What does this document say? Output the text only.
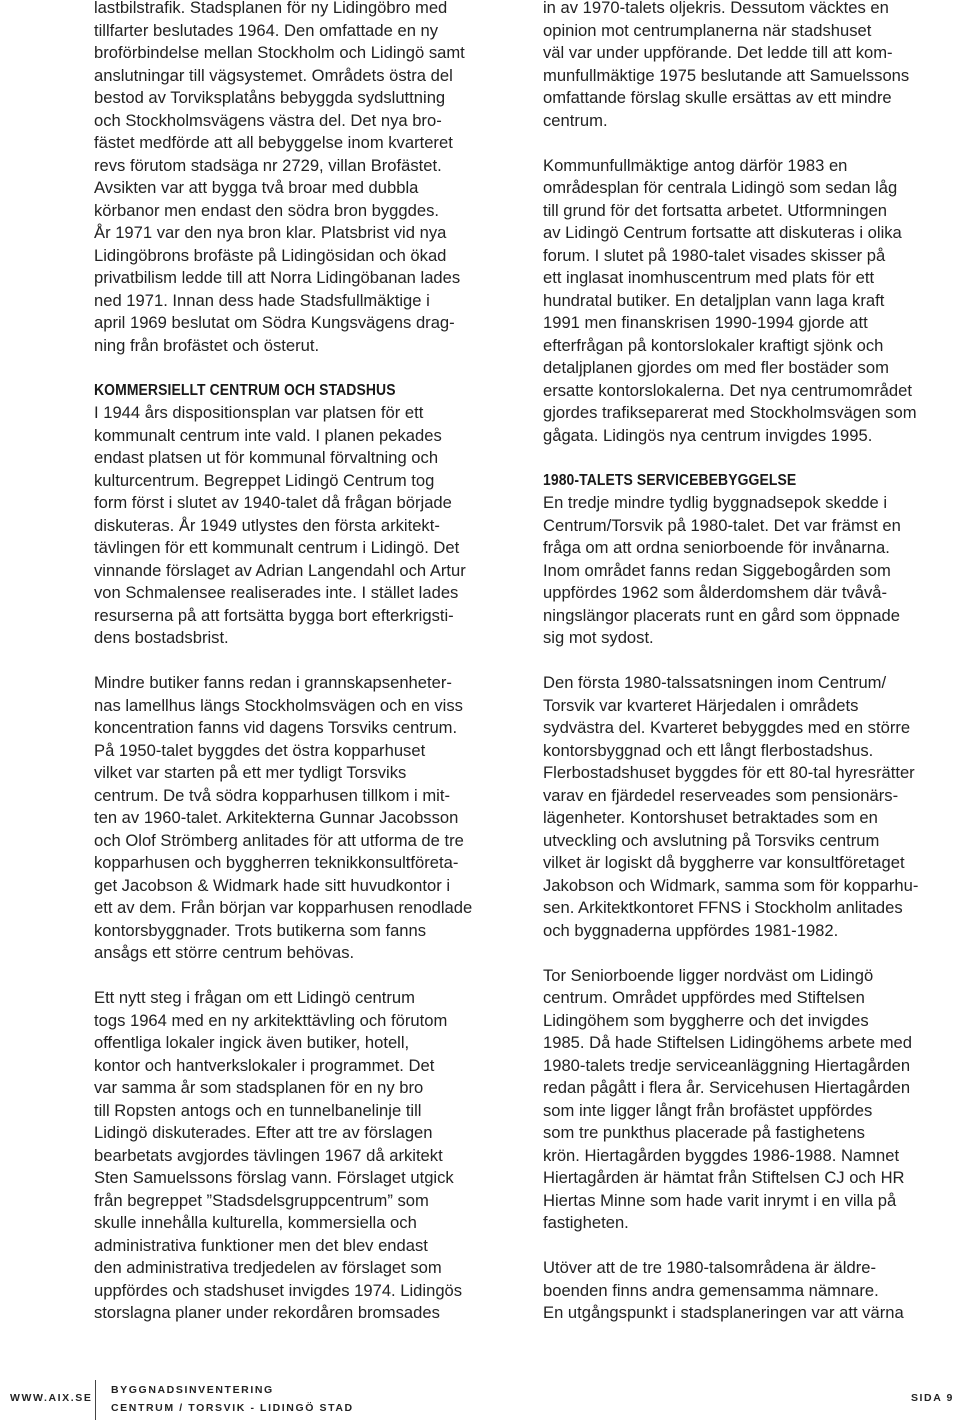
lastbilstrafik. Stadsplanen för ny Lidingöbro med
tillfarter beslutades 1964. Den omfattade en ny
broförbindelse mellan Stockholm och Lidingö samt
anslutningar till vägsystemet. Områdets östra del
bestod av Torviksplatåns bebyggda sydsluttning
och Stockholmsvägens västra del. Det nya bro-
fästet medförde att all bebyggelse inom kvarteret
revs förutom stadsäga nr 2729, villan Brofästet.
Avsikten var att bygga två broar med dubbla
körbanor men endast den södra bron byggdes.
År 1971 var den nya bron klar. Platsbrist vid nya
Lidingöbrons brofäste på Lidingösidan och ökad
privatbilism ledde till att Norra Lidingöbanan lades
ned 1971. Innan dess hade Stadsfullmäktige i
april 1969 beslutat om Södra Kungsvägens drag-
ning från brofästet och österut.
KOMMERSIELLT CENTRUM OCH STADSHUS
I 1944 års dispositionsplan var platsen för ett
kommunalt centrum inte vald. I planen pekades
endast platsen ut för kommunal förvaltning och
kulturcentrum. Begreppet Lidingö Centrum tog
form först i slutet av 1940-talet då frågan började
diskuteras. År 1949 utlystes den första arkitekt-
tävlingen för ett kommunalt centrum i Lidingö. Det
vinnande förslaget av Adrian Langendahl och Artur
von Schmalensee realiserades inte. I stället lades
resurserna på att fortsätta bygga bort efterkrigsti-
dens bostadsbrist.
Mindre butiker fanns redan i grannskapsenheter-
nas lamellhus längs Stockholmsvägen och en viss
koncentration fanns vid dagens Torsviks centrum.
På 1950-talet byggdes det östra kopparhuset
vilket var starten på ett mer tydligt Torsviks
centrum. De två södra kopparhusen tillkom i mit-
ten av 1960-talet. Arkitekterna Gunnar Jacobsson
och Olof Strömberg anlitades för att utforma de tre
kopparhusen och byggherren teknikkonsultföreta-
get Jacobson & Widmark hade sitt huvudkontor i
ett av dem. Från början var kopparhusen renodlade
kontorsbyggnader. Trots butikerna som fanns
ansågs ett större centrum behövas.
Ett nytt steg i frågan om ett Lidingö centrum
togs 1964 med en ny arkitekttävling och förutom
offentliga lokaler ingick även butiker, hotell,
kontor och hantverkslokaler i programmet. Det
var samma år som stadsplanen för en ny bro
till Ropsten antogs och en tunnelbanelinje till
Lidingö diskuterades. Efter att tre av förslagen
bearbetats avgjordes tävlingen 1967 då arkitekt
Sten Samuelssons förslag vann. Förslaget utgick
från begreppet ”Stadsdelsgruppcentrum” som
skulle innehålla kulturella, kommersiella och
administrativa funktioner men det blev endast
den administrativa tredjedelen av förslaget som
uppfördes och stadshuset invigdes 1974. Lidingös
storslagna planer under rekordåren bromsades
in av 1970-talets oljekris. Dessutom väcktes en
opinion mot centrumplanerna när stadshuset
väl var under uppförande. Det ledde till att kom-
munfullmäktige 1975 beslutande att Samuelssons
omfattande förslag skulle ersättas av ett mindre
centrum.
Kommunfullmäktige antog därför 1983 en
områdesplan för centrala Lidingö som sedan låg
till grund för det fortsatta arbetet. Utformningen
av Lidingö Centrum fortsatte att diskuteras i olika
forum. I slutet på 1980-talet visades skisser på
ett inglasat inomhuscentrum med plats för ett
hundratal butiker. En detaljplan vann laga kraft
1991 men finanskrisen 1990-1994 gjorde att
efterfrågan på kontorslokaler kraftigt sjönk och
detaljplanen gjordes om med fler bostäder som
ersatte kontorslokalerna. Det nya centrumområdet
gjordes trafikseparerat med Stockholmsvägen som
gågata. Lidingös nya centrum invigdes 1995.
1980-TALETS SERVICEBEBYGGELSE
En tredje mindre tydlig byggnadsepok skedde i
Centrum/Torsvik på 1980-talet. Det var främst en
fråga om att ordna seniorboende för invånarna.
Inom området fanns redan Siggebogården som
uppfördes 1962 som ålderdomshem där tvåvå-
ningslängor placerats runt en gård som öppnade
sig mot sydost.
Den första 1980-talssatsningen inom Centrum/
Torsvik var kvarteret Härjedalen i områdets
sydvästra del. Kvarteret bebyggdes med en större
kontorsbyggnad och ett långt flerbostadshus.
Flerbostadshuset byggdes för ett 80-tal hyresrätter
varav en fjärdedel reserveades som pensionärs-
lägenheter. Kontorshuset betraktades som en
utveckling och avslutning på Torsviks centrum
vilket är logiskt då byggherre var konsultföretaget
Jakobson och Widmark, samma som för kopparhu-
sen. Arkitektkontoret FFNS i Stockholm anlitades
och byggnaderna uppfördes 1981-1982.
Tor Seniorboende ligger nordväst om Lidingö
centrum. Området uppfördes med Stiftelsen
Lidingöhem som byggherre och det invigdes
1985. Då hade Stiftelsen Lidingöhems arbete med
1980-talets tredje serviceanläggning Hiertagården
redan pågått i flera år. Servicehusen Hiertagården
som inte ligger långt från brofästet uppfördes
som tre punkthus placerade på fastighetens
krön. Hiertagården byggdes 1986-1988. Namnet
Hiertagården är hämtat från Stiftelsen CJ och HR
Hiertas Minne som hade varit inrymt i en villa på
fastigheten.
Utöver att de tre 1980-talsområdena är äldre-
boenden finns andra gemensamma nämnare.
En utgångspunkt i stadsplaneringen var att värna
WWW.AIX.SE
BYGGNADSINVENTERING
CENTRUM / TORSVIK - LIDINGÖ STAD
SIDA 9
